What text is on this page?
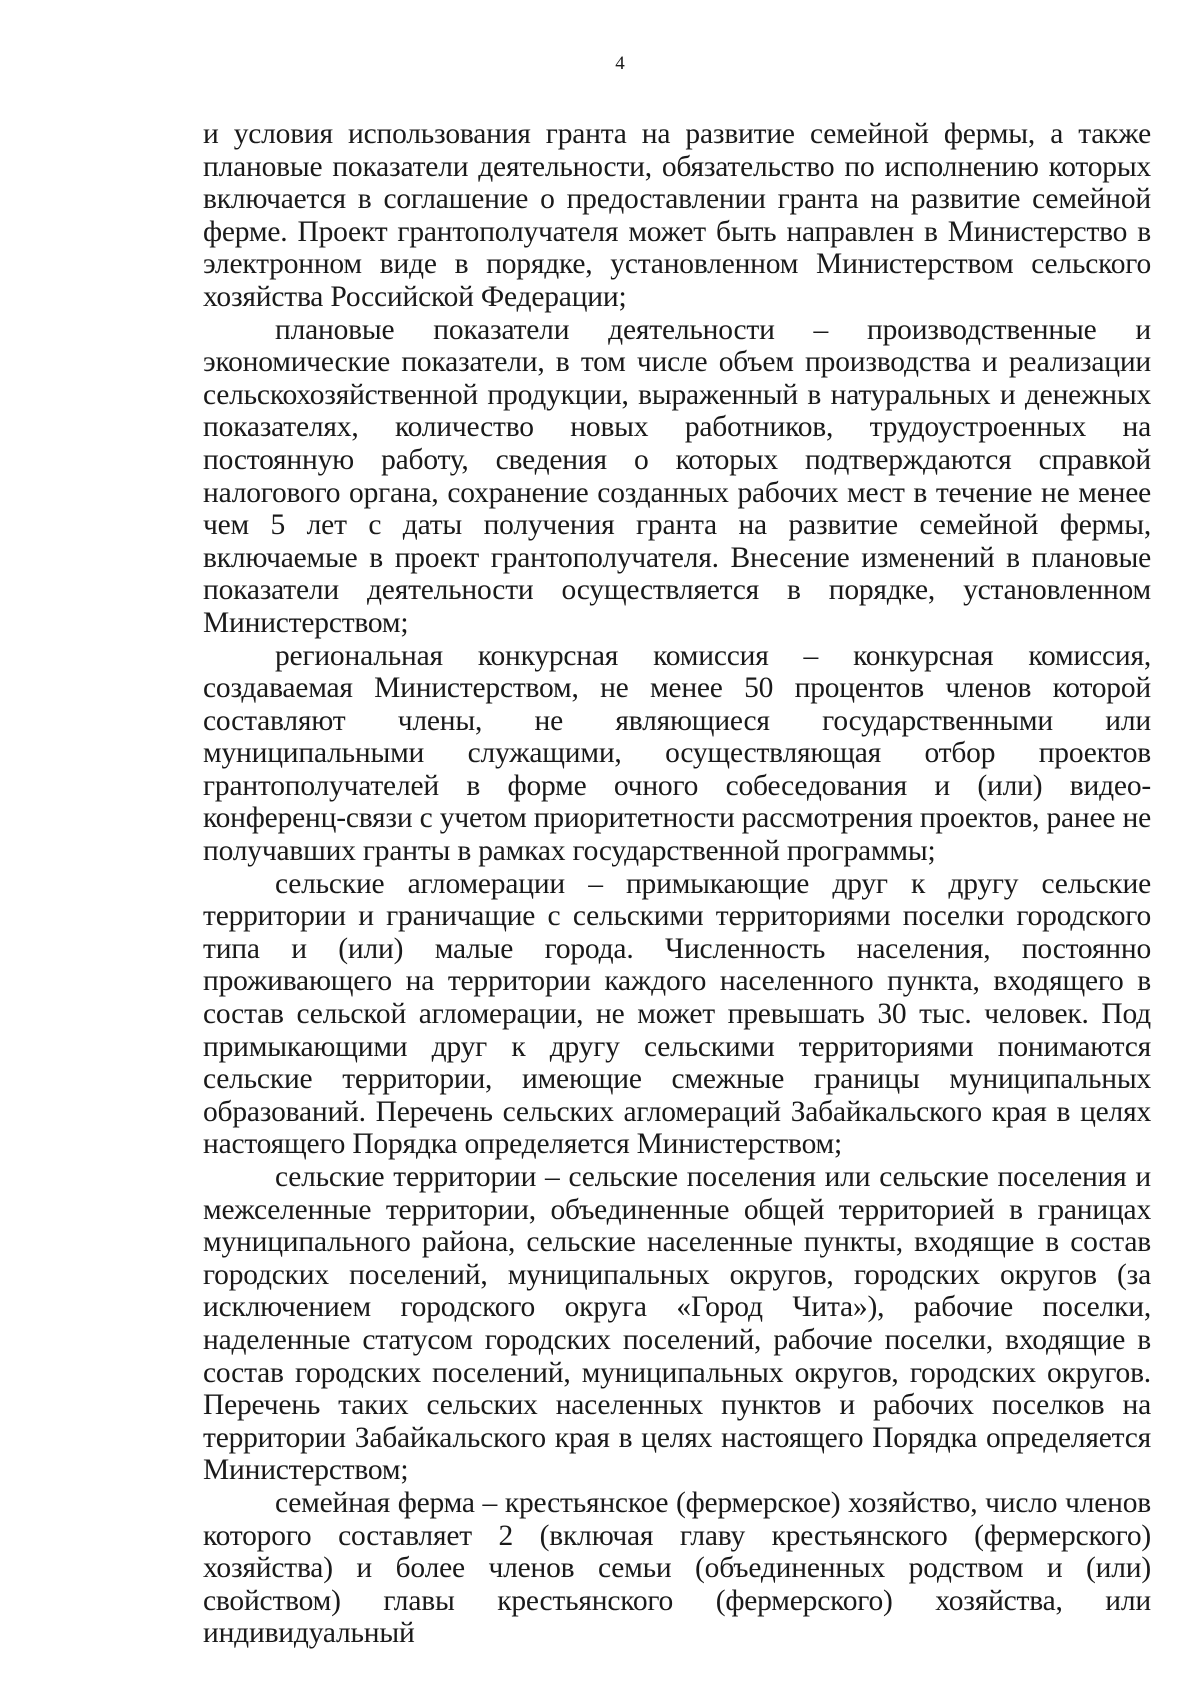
4

и условия использования гранта на развитие семейной фермы, а также плановые показатели деятельности, обязательство по исполнению которых включается в соглашение о предоставлении гранта на развитие семейной ферме. Проект грантополучателя может быть направлен в Министерство в электронном виде в порядке, установленном Министерством сельского хозяйства Российской Федерации;

плановые показатели деятельности – производственные и экономические показатели, в том числе объем производства и реализации сельскохозяйственной продукции, выраженный в натуральных и денежных показателях, количество новых работников, трудоустроенных на постоянную работу, сведения о которых подтверждаются справкой налогового органа, сохранение созданных рабочих мест в течение не менее чем 5 лет с даты получения гранта на развитие семейной фермы, включаемые в проект грантополучателя. Внесение изменений в плановые показатели деятельности осуществляется в порядке, установленном Министерством;

региональная конкурсная комиссия – конкурсная комиссия, создаваемая Министерством, не менее 50 процентов членов которой составляют члены, не являющиеся государственными или муниципальными служащими, осуществляющая отбор проектов грантополучателей в форме очного собеседования и (или) видео-конференц-связи с учетом приоритетности рассмотрения проектов, ранее не получавших гранты в рамках государственной программы;

сельские агломерации – примыкающие друг к другу сельские территории и граничащие с сельскими территориями поселки городского типа и (или) малые города. Численность населения, постоянно проживающего на территории каждого населенного пункта, входящего в состав сельской агломерации, не может превышать 30 тыс. человек. Под примыкающими друг к другу сельскими территориями понимаются сельские территории, имеющие смежные границы муниципальных образований. Перечень сельских агломераций Забайкальского края в целях настоящего Порядка определяется Министерством;

сельские территории – сельские поселения или сельские поселения и межселенные территории, объединенные общей территорией в границах муниципального района, сельские населенные пункты, входящие в состав городских поселений, муниципальных округов, городских округов (за исключением городского округа «Город Чита»), рабочие поселки, наделенные статусом городских поселений, рабочие поселки, входящие в состав городских поселений, муниципальных округов, городских округов. Перечень таких сельских населенных пунктов и рабочих поселков на территории Забайкальского края в целях настоящего Порядка определяется Министерством;

семейная ферма – крестьянское (фермерское) хозяйство, число членов которого составляет 2 (включая главу крестьянского (фермерского) хозяйства) и более членов семьи (объединенных родством и (или) свойством) главы крестьянского (фермерского) хозяйства, или индивидуальный
